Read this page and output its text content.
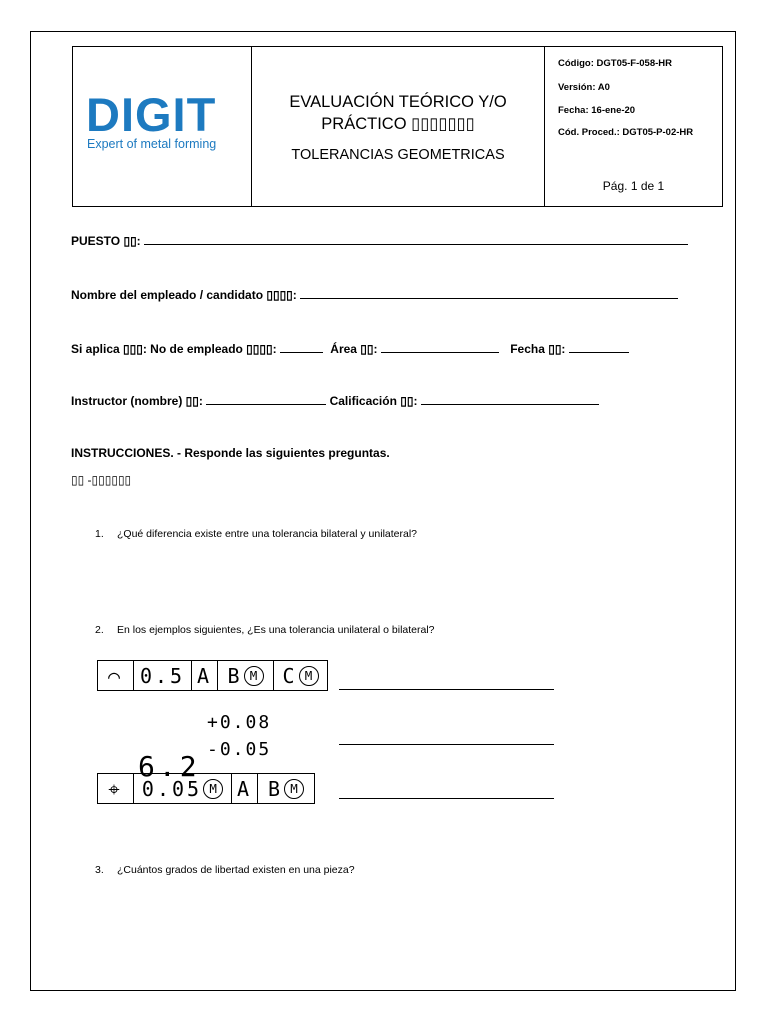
DIGIT
Expert of metal forming
EVALUACIÓN TEÓRICO Y/O
PRÁCTICO ▯▯▯▯▯▯▯
TOLERANCIAS GEOMETRICAS
Código: DGT05-F-058-HR
Versión: A0
Fecha: 16-ene-20
Cód. Proced.: DGT05-P-02-HR
Pág. 1 de 1
PUESTO ▯▯:
Nombre del empleado / candidato ▯▯▯▯:
Si aplica ▯▯▯: No de empleado ▯▯▯▯:	Área ▯▯:	Fecha ▯▯:
Instructor (nombre) ▯▯:	Calificación ▯▯:
INSTRUCCIONES. - Responde las siguientes preguntas.
▯▯ -▯▯▯▯▯▯
1. ¿Qué diferencia existe entre una tolerancia bilateral y unilateral?
2. En los ejemplos siguientes, ¿Es una tolerancia unilateral o bilateral?
3. ¿Cuántos grados de libertad existen en una pieza?
⌒ 0.5 A B M	C M
6.2
+0.08
-0.05
⌖ 0.05 M	A B M
